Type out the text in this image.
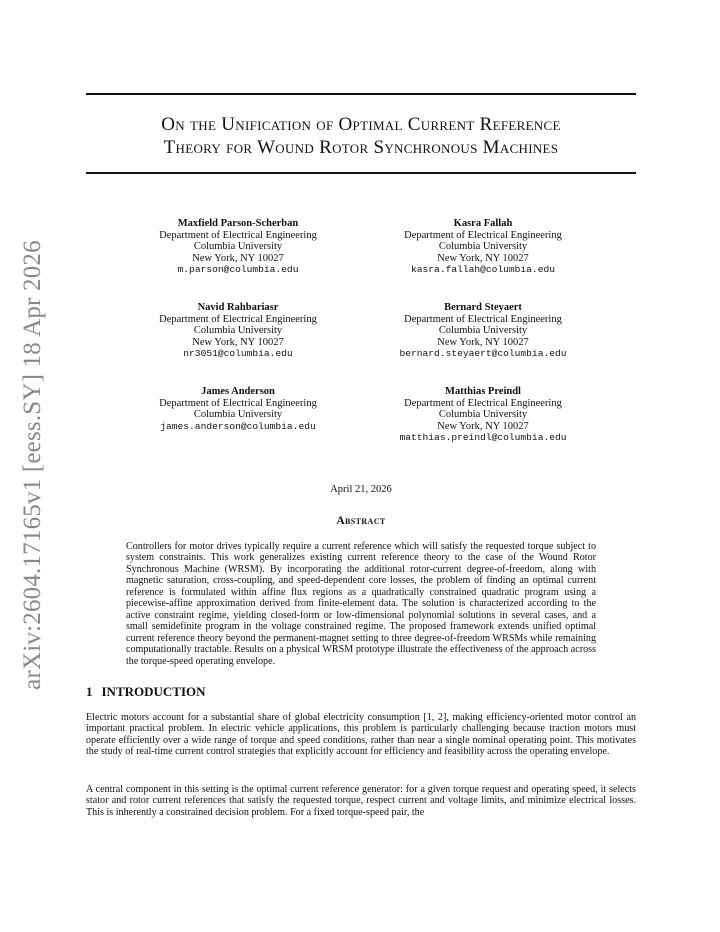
arXiv:2604.17165v1 [eess.SY] 18 Apr 2026
On the Unification of Optimal Current Reference
Theory for Wound Rotor Synchronous Machines
Maxfield Parson-Scherban
Department of Electrical Engineering
Columbia University
New York, NY 10027
m.parson@columbia.edu
Kasra Fallah
Department of Electrical Engineering
Columbia University
New York, NY 10027
kasra.fallah@columbia.edu
Navid Rahbariasr
Department of Electrical Engineering
Columbia University
New York, NY 10027
nr3051@columbia.edu
Bernard Steyaert
Department of Electrical Engineering
Columbia University
New York, NY 10027
bernard.steyaert@columbia.edu
James Anderson
Department of Electrical Engineering
Columbia University
james.anderson@columbia.edu
Matthias Preindl
Department of Electrical Engineering
Columbia University
New York, NY 10027
matthias.preindl@columbia.edu
April 21, 2026
Abstract
Controllers for motor drives typically require a current reference which will satisfy the requested torque subject to system constraints. This work generalizes existing current reference theory to the case of the Wound Rotor Synchronous Machine (WRSM). By incorporating the additional rotor-current degree-of-freedom, along with magnetic saturation, cross-coupling, and speed-dependent core losses, the problem of finding an optimal current reference is formulated within affine flux regions as a quadratically constrained quadratic program using a piecewise-affine approximation derived from finite-element data. The solution is characterized according to the active constraint regime, yielding closed-form or low-dimensional polynomial solutions in several cases, and a small semidefinite program in the voltage constrained regime. The proposed framework extends unified optimal current reference theory beyond the permanent-magnet setting to three degree-of-freedom WRSMs while remaining computationally tractable. Results on a physical WRSM prototype illustrate the effectiveness of the approach across the torque-speed operating envelope.
1 INTRODUCTION
Electric motors account for a substantial share of global electricity consumption [1, 2], making efficiency-oriented motor control an important practical problem. In electric vehicle applications, this problem is particularly challenging because traction motors must operate efficiently over a wide range of torque and speed conditions, rather than near a single nominal operating point. This motivates the study of real-time current control strategies that explicitly account for efficiency and feasibility across the operating envelope.
A central component in this setting is the optimal current reference generator: for a given torque request and operating speed, it selects stator and rotor current references that satisfy the requested torque, respect current and voltage limits, and minimize electrical losses. This is inherently a constrained decision problem. For a fixed torque-speed pair, the
